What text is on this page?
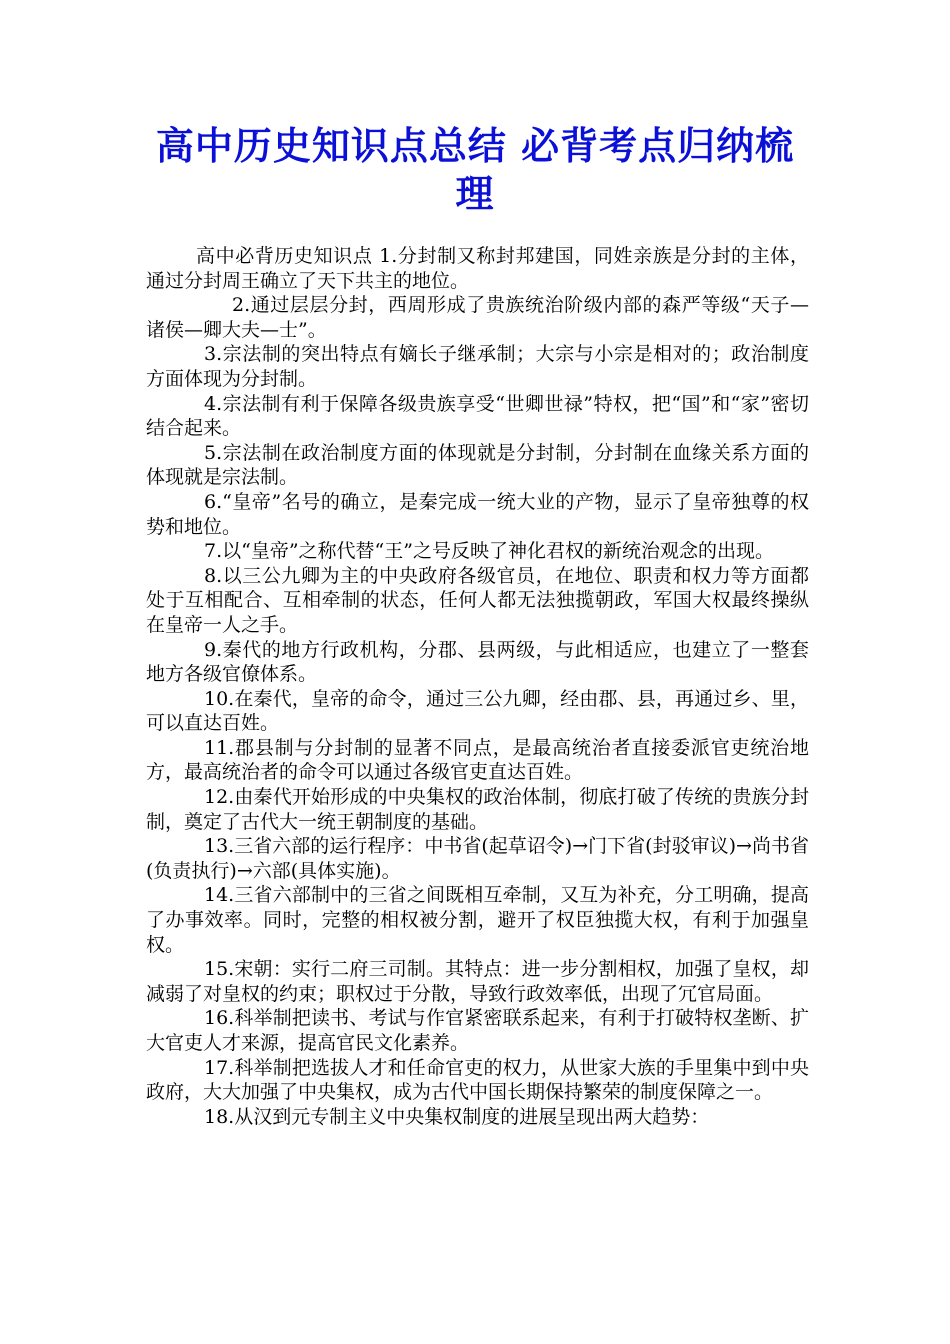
高中历史知识点总结 必背考点归纳梳理

高中必背历史知识点 1.分封制又称封邦建国，同姓亲族是分封的主体，通过分封周王确立了天下共主的地位。

2.通过层层分封，西周形成了贵族统治阶级内部的森严等级“天子—诸侯—卿大夫—士”。

3.宗法制的突出特点有嫡长子继承制；大宗与小宗是相对的；政治制度方面体现为分封制。

4.宗法制有利于保障各级贵族享受“世卿世禄”特权，把“国”和“家”密切结合起来。

5.宗法制在政治制度方面的体现就是分封制，分封制在血缘关系方面的体现就是宗法制。

6.“皇帝”名号的确立，是秦完成一统大业的产物，显示了皇帝独尊的权势和地位。

7.以“皇帝”之称代替“王”之号反映了神化君权的新统治观念的出现。

8.以三公九卿为主的中央政府各级官员，在地位、职责和权力等方面都处于互相配合、互相牵制的状态，任何人都无法独揽朝政，军国大权最终操纵在皇帝一人之手。

9.秦代的地方行政机构，分郡、县两级，与此相适应，也建立了一整套地方各级官僚体系。

10.在秦代，皇帝的命令，通过三公九卿，经由郡、县，再通过乡、里，可以直达百姓。

11.郡县制与分封制的显著不同点，是最高统治者直接委派官吏统治地方，最高统治者的命令可以通过各级官吏直达百姓。

12.由秦代开始形成的中央集权的政治体制，彻底打破了传统的贵族分封制，奠定了古代大一统王朝制度的基础。

13.三省六部的运行程序：中书省(起草诏令)→门下省(封驳审议)→尚书省(负责执行)→六部(具体实施)。

14.三省六部制中的三省之间既相互牵制，又互为补充，分工明确，提高了办事效率。同时，完整的相权被分割，避开了权臣独揽大权，有利于加强皇权。

15.宋朝：实行二府三司制。其特点：进一步分割相权，加强了皇权，却减弱了对皇权的约束；职权过于分散，导致行政效率低，出现了冗官局面。

16.科举制把读书、考试与作官紧密联系起来，有利于打破特权垄断、扩大官吏人才来源，提高官民文化素养。

17.科举制把选拔人才和任命官吏的权力，从世家大族的手里集中到中央政府，大大加强了中央集权，成为古代中国长期保持繁荣的制度保障之一。

18.从汉到元专制主义中央集权制度的进展呈现出两大趋势：
